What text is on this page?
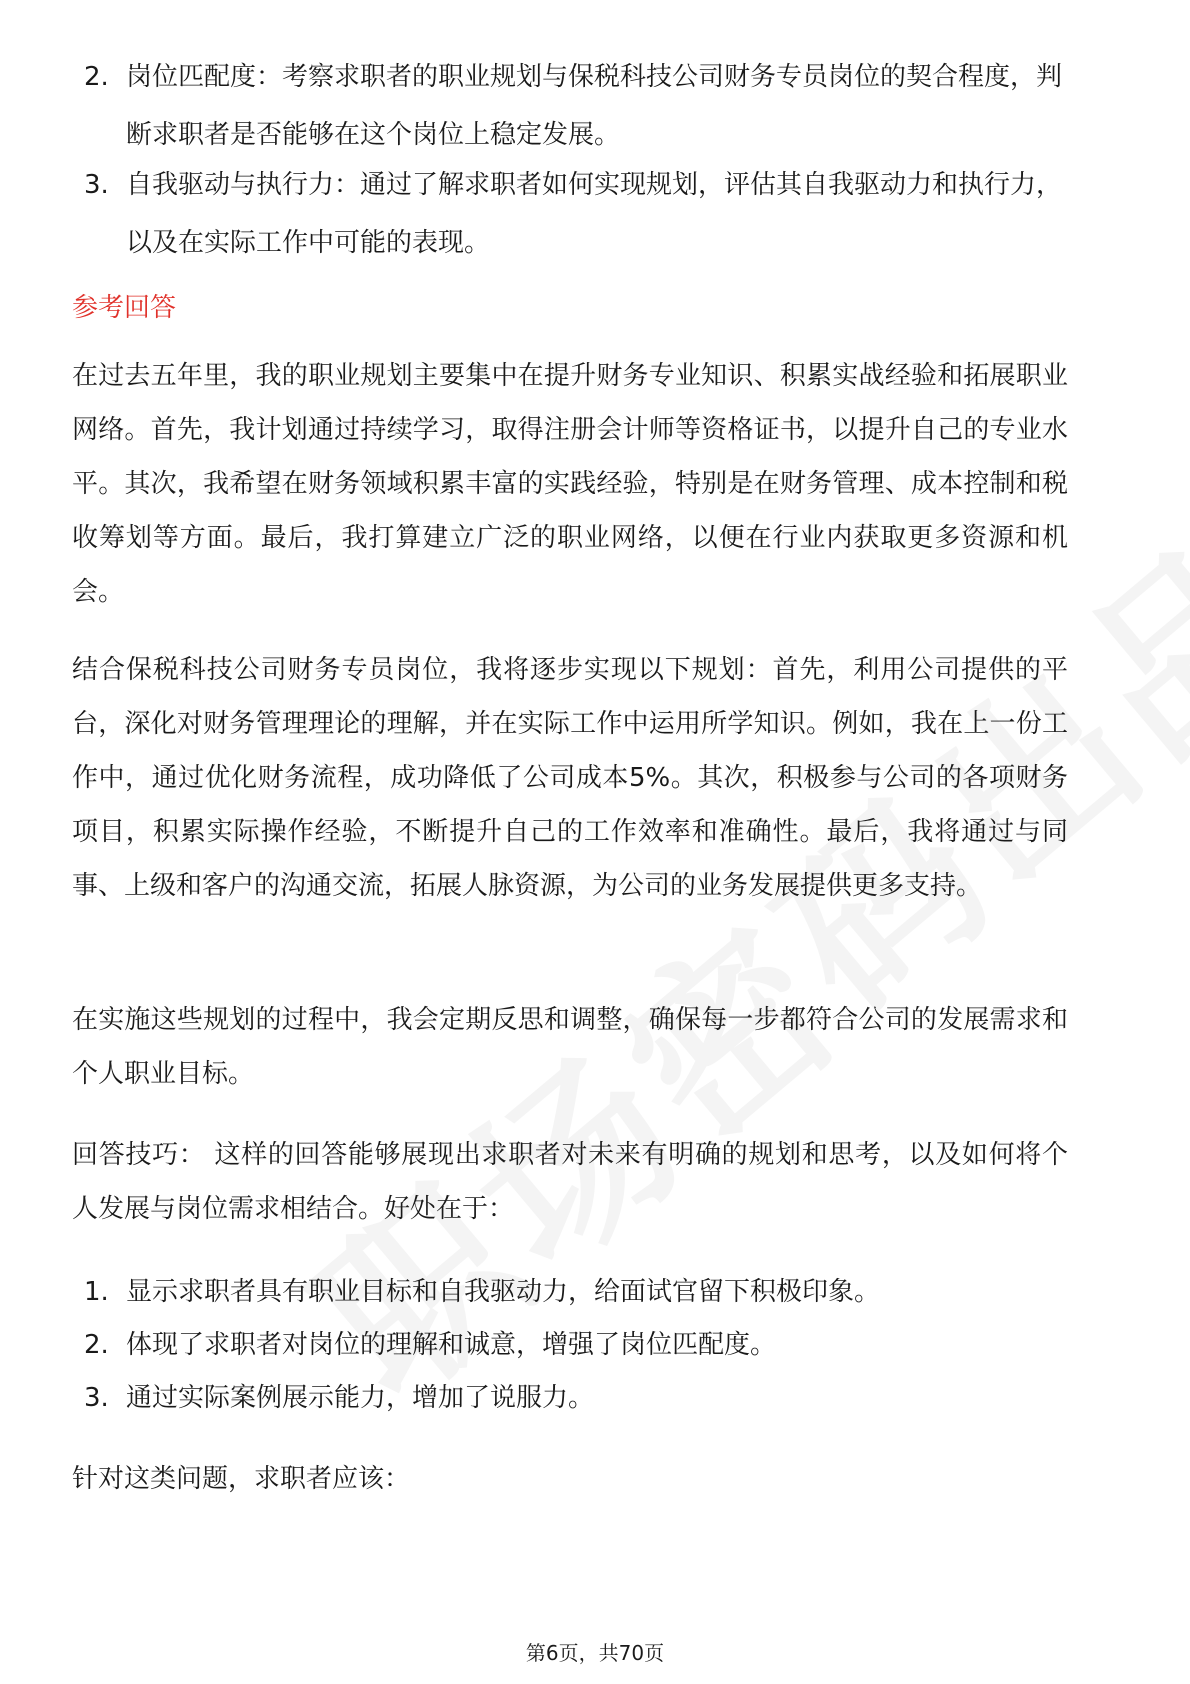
2. 岗位匹配度：考察求职者的职业规划与保税科技公司财务专员岗位的契合程度，判断求职者是否能够在这个岗位上稳定发展。
3. 自我驱动与执行力：通过了解求职者如何实现规划，评估其自我驱动力和执行力，以及在实际工作中可能的表现。
参考回答

在过去五年里，我的职业规划主要集中在提升财务专业知识、积累实战经验和拓展职业网络。首先，我计划通过持续学习，取得注册会计师等资格证书，以提升自己的专业水平。其次，我希望在财务领域积累丰富的实践经验，特别是在财务管理、成本控制和税收筹划等方面。最后，我打算建立广泛的职业网络，以便在行业内获取更多资源和机会。

结合保税科技公司财务专员岗位，我将逐步实现以下规划：首先，利用公司提供的平台，深化对财务管理理论的理解，并在实际工作中运用所学知识。例如，我在上一份工作中，通过优化财务流程，成功降低了公司成本5%。其次，积极参与公司的各项财务项目，积累实际操作经验，不断提升自己的工作效率和准确性。最后，我将通过与同事、上级和客户的沟通交流，拓展人脉资源，为公司的业务发展提供更多支持。

在实施这些规划的过程中，我会定期反思和调整，确保每一步都符合公司的发展需求和个人职业目标。

回答技巧： 这样的回答能够展现出求职者对未来有明确的规划和思考，以及如何将个人发展与岗位需求相结合。好处在于：

1. 显示求职者具有职业目标和自我驱动力，给面试官留下积极印象。
2. 体现了求职者对岗位的理解和诚意，增强了岗位匹配度。
3. 通过实际案例展示能力，增加了说服力。

针对这类问题，求职者应该：

第6页，共70页
